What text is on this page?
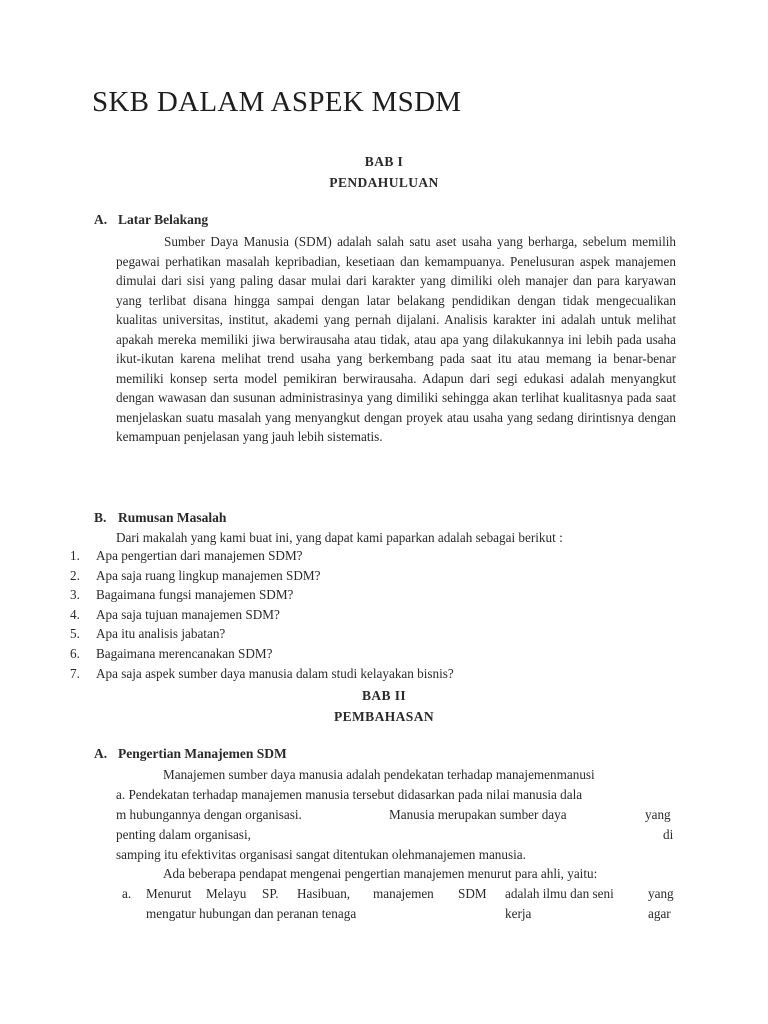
SKB DALAM ASPEK MSDM

BAB I

PENDAHULUAN

A. Latar Belakang

Sumber Daya Manusia (SDM) adalah salah satu aset usaha yang berharga, sebelum memilih pegawai perhatikan masalah kepribadian, kesetiaan dan kemampuanya. Penelusuran aspek manajemen dimulai dari sisi yang paling dasar mulai dari karakter yang dimiliki oleh manajer dan para karyawan yang terlibat disana hingga sampai dengan latar belakang pendidikan dengan tidak mengecualikan kualitas universitas, institut, akademi yang pernah dijalani. Analisis karakter ini adalah untuk melihat apakah mereka memiliki jiwa berwirausaha atau tidak, atau apa yang dilakukannya ini lebih pada usaha ikut-ikutan karena melihat trend usaha yang berkembang pada saat itu atau memang ia benar-benar memiliki konsep serta model pemikiran berwirausaha. Adapun dari segi edukasi adalah menyangkut dengan wawasan dan susunan administrasinya yang dimiliki sehingga akan terlihat kualitasnya pada saat menjelaskan suatu masalah yang menyangkut dengan proyek atau usaha yang sedang dirintisnya dengan kemampuan penjelasan yang jauh lebih sistematis.

B. Rumusan Masalah

Dari makalah yang kami buat ini, yang dapat kami paparkan adalah sebagai berikut :

1. Apa pengertian dari manajemen SDM?
2. Apa saja ruang lingkup manajemen SDM?
3. Bagaimana fungsi manajemen SDM?
4. Apa saja tujuan manajemen SDM?
5. Apa itu analisis jabatan?
6. Bagaimana merencanakan SDM?
7. Apa saja aspek sumber daya manusia dalam studi kelayakan bisnis?

BAB II

PEMBAHASAN

A. Pengertian Manajemen SDM

Manajemen sumber daya manusia adalah pendekatan terhadap manajemenmanusi

a. Pendekatan terhadap manajemen manusia tersebut didasarkan pada nilai manusia dala

m hubungannya dengan organisasi.	Manusia merupakan sumber daya	yang
penting dalam organisasi,	di

samping itu efektivitas organisasi sangat ditentukan olehmanajemen manusia.

Ada beberapa pendapat mengenai pengertian manajemen menurut para ahli, yaitu:

a. Menurut Melayu SP. Hasibuan, manajemen SDM adalah ilmu dan seni	yang
mengatur hubungan dan peranan tenaga	kerja	agar
